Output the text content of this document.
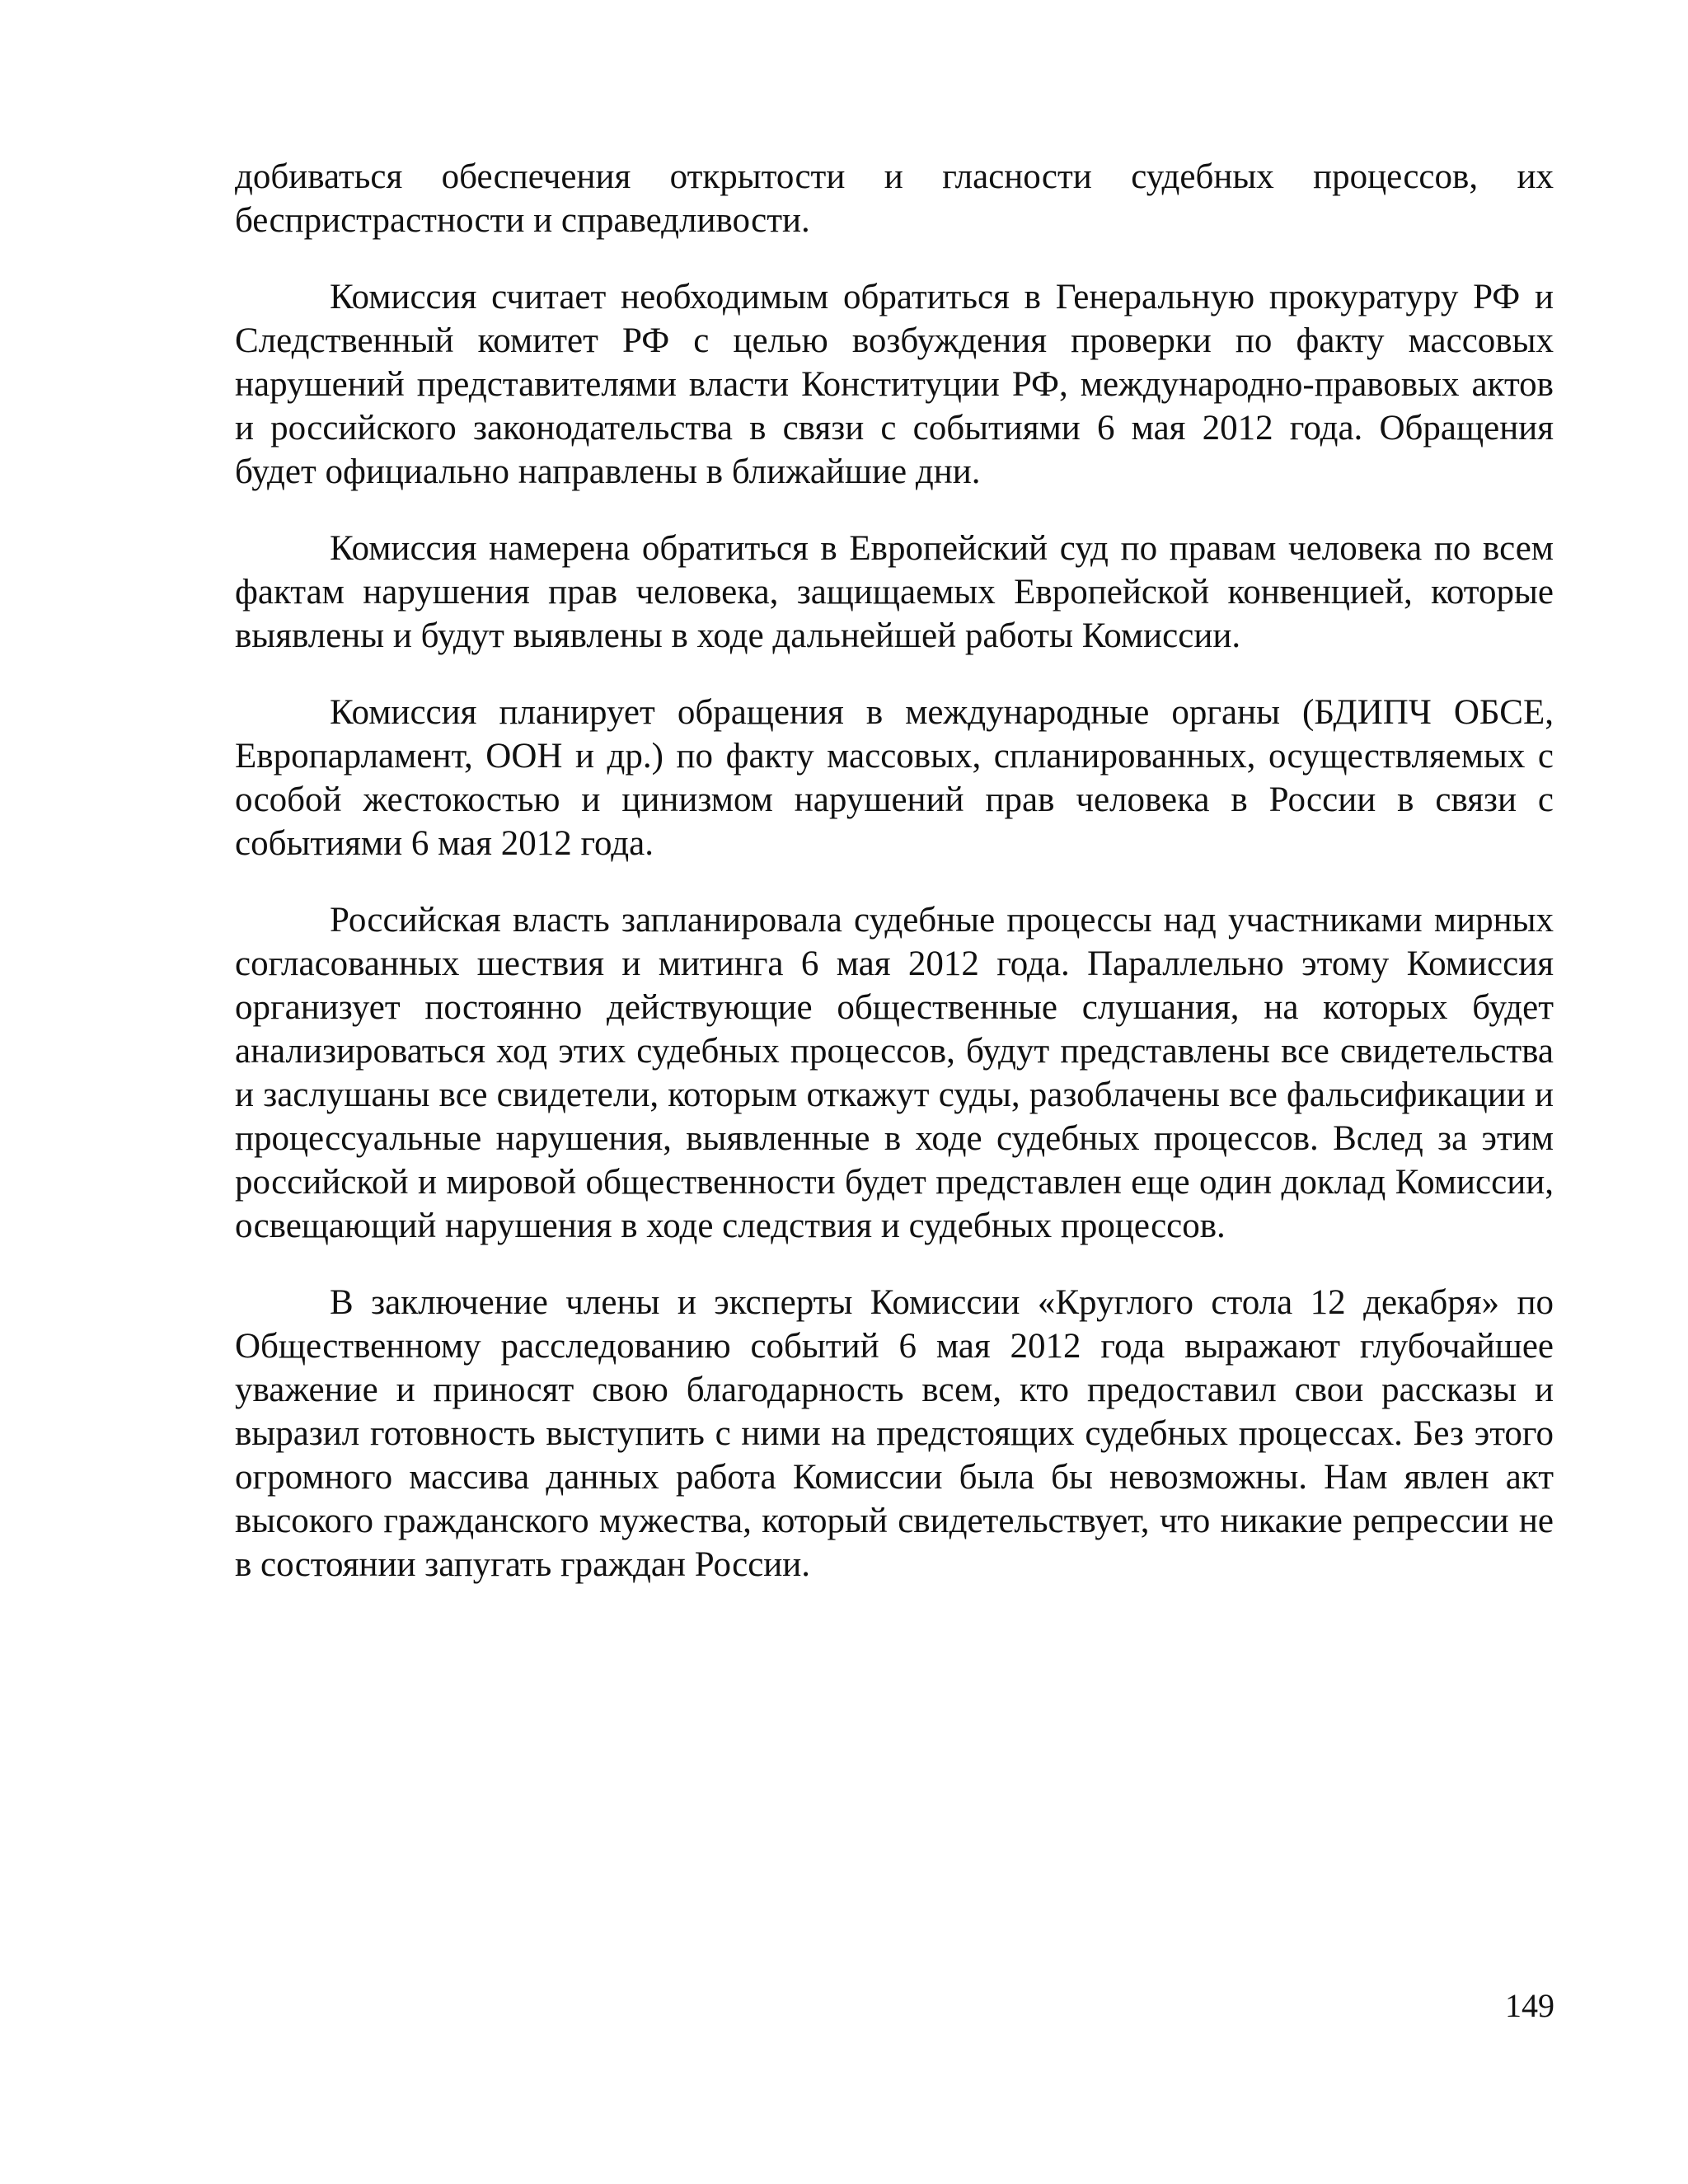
добиваться обеспечения открытости и гласности судебных процессов, их беспристрастности и справедливости.

Комиссия считает необходимым обратиться в Генеральную прокуратуру РФ и Следственный комитет РФ с целью возбуждения проверки по факту массовых нарушений представителями власти Конституции РФ, международно-правовых актов и российского законодательства в связи с событиями 6 мая 2012 года. Обращения будет официально направлены в ближайшие дни.

Комиссия намерена обратиться в Европейский суд по правам человека по всем фактам нарушения прав человека, защищаемых Европейской конвенцией, которые выявлены и будут выявлены в ходе дальнейшей работы Комиссии.

Комиссия планирует обращения в международные органы (БДИПЧ ОБСЕ, Европарламент, ООН и др.) по факту массовых, спланированных, осуществляемых с особой жестокостью и цинизмом нарушений прав человека в России в связи с событиями 6 мая 2012 года.

Российская власть запланировала судебные процессы над участниками мирных согласованных шествия и митинга 6 мая 2012 года. Параллельно этому Комиссия организует постоянно действующие общественные слушания, на которых будет анализироваться ход этих судебных процессов, будут представлены все свидетельства и заслушаны все свидетели, которым откажут суды, разоблачены все фальсификации и процессуальные нарушения, выявленные в ходе судебных процессов. Вслед за этим российской и мировой общественности будет представлен еще один доклад Комиссии, освещающий нарушения в ходе следствия и судебных процессов.

В заключение члены и эксперты Комиссии «Круглого стола 12 декабря» по Общественному расследованию событий 6 мая 2012 года выражают глубочайшее уважение и приносят свою благодарность всем, кто предоставил свои рассказы и выразил готовность выступить с ними на предстоящих судебных процессах. Без этого огромного массива данных работа Комиссии была бы невозможны. Нам явлен акт высокого гражданского мужества, который свидетельствует, что никакие репрессии не в состоянии запугать граждан России.

149
